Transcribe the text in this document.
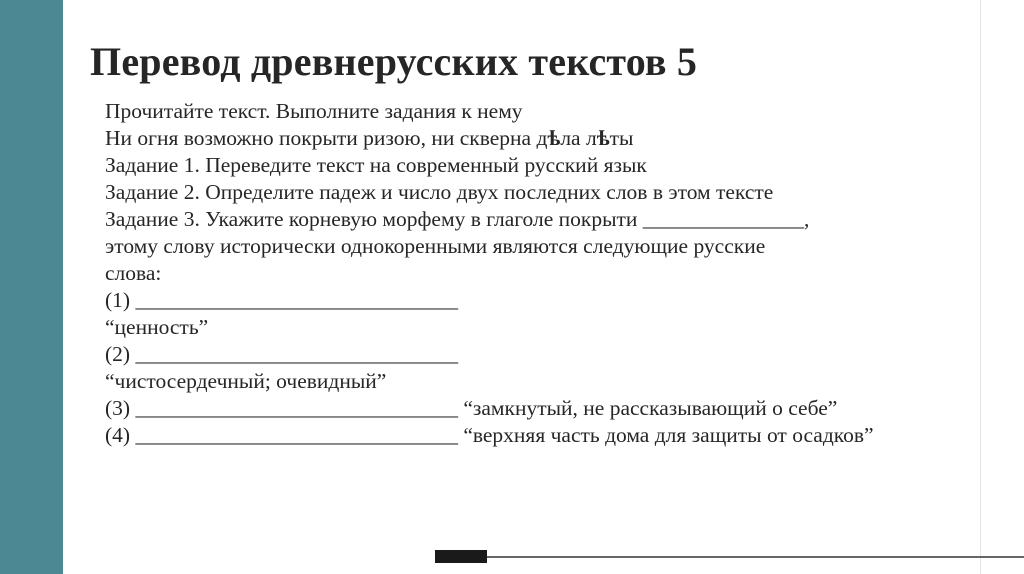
Перевод древнерусских текстов 5
Прочитайте текст. Выполните задания к нему
Ни огня возможно покрыти ризою, ни скверна дѣла лѣты
Задание 1. Переведите текст на современный русский язык
Задание 2. Определите падеж и число двух последних слов в этом тексте
Задание 3. Укажите корневую морфему в глаголе покрыти _______________,
этому слову исторически однокоренными являются следующие русские
слова:
(1) ______________________________
“ценность”
(2) ______________________________
“чистосердечный; очевидный”
(3) ______________________________ “замкнутый, не рассказывающий о себе”
(4) ______________________________ “верхняя часть дома для защиты от осадков”
